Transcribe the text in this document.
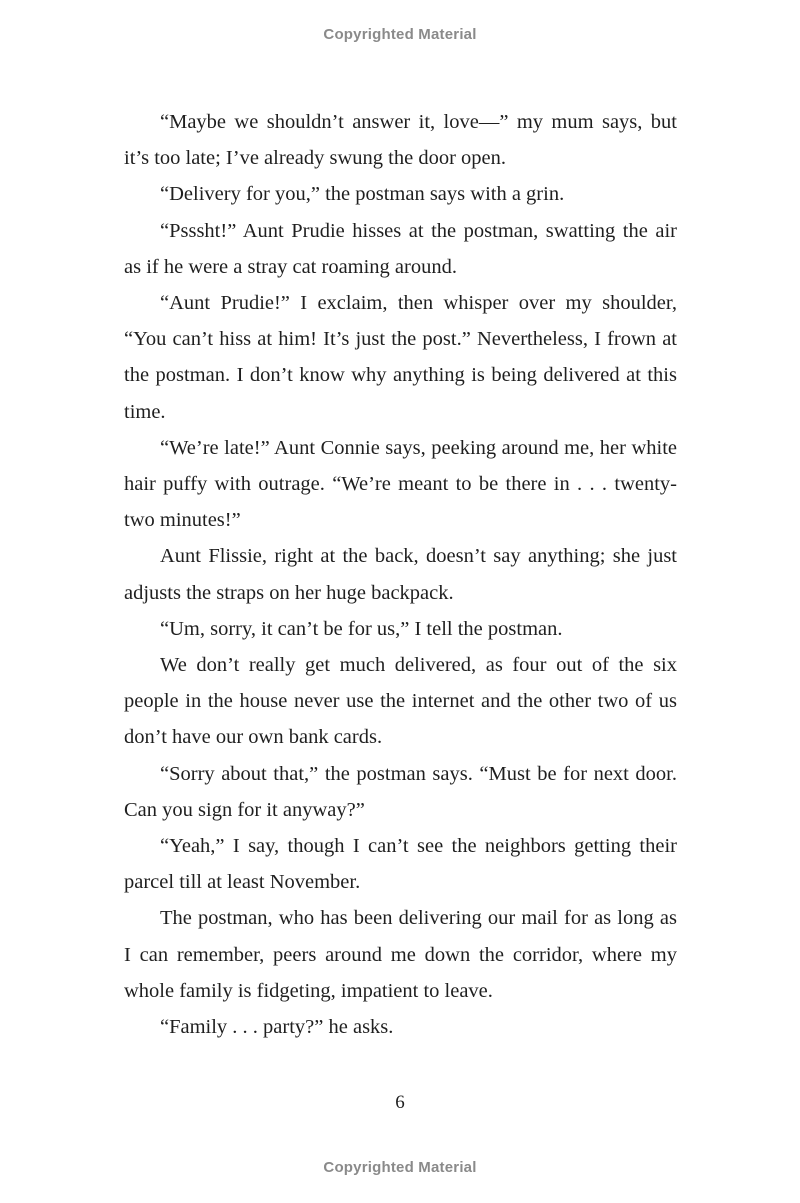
Copyrighted Material

“Maybe we shouldn’t answer it, love—” my mum says, but it’s too late; I’ve already swung the door open.

“Delivery for you,” the postman says with a grin.

“Psssht!” Aunt Prudie hisses at the postman, swatting the air as if he were a stray cat roaming around.

“Aunt Prudie!” I exclaim, then whisper over my shoulder, “You can’t hiss at him! It’s just the post.” Nevertheless, I frown at the postman. I don’t know why anything is being delivered at this time.

“We’re late!” Aunt Connie says, peeking around me, her white hair puffy with outrage. “We’re meant to be there in . . . twenty-two minutes!”

Aunt Flissie, right at the back, doesn’t say anything; she just adjusts the straps on her huge backpack.

“Um, sorry, it can’t be for us,” I tell the postman.

We don’t really get much delivered, as four out of the six people in the house never use the internet and the other two of us don’t have our own bank cards.

“Sorry about that,” the postman says. “Must be for next door. Can you sign for it anyway?”

“Yeah,” I say, though I can’t see the neighbors getting their parcel till at least November.

The postman, who has been delivering our mail for as long as I can remember, peers around me down the corridor, where my whole family is fidgeting, impatient to leave.

“Family . . . party?” he asks.

6
Copyrighted Material
